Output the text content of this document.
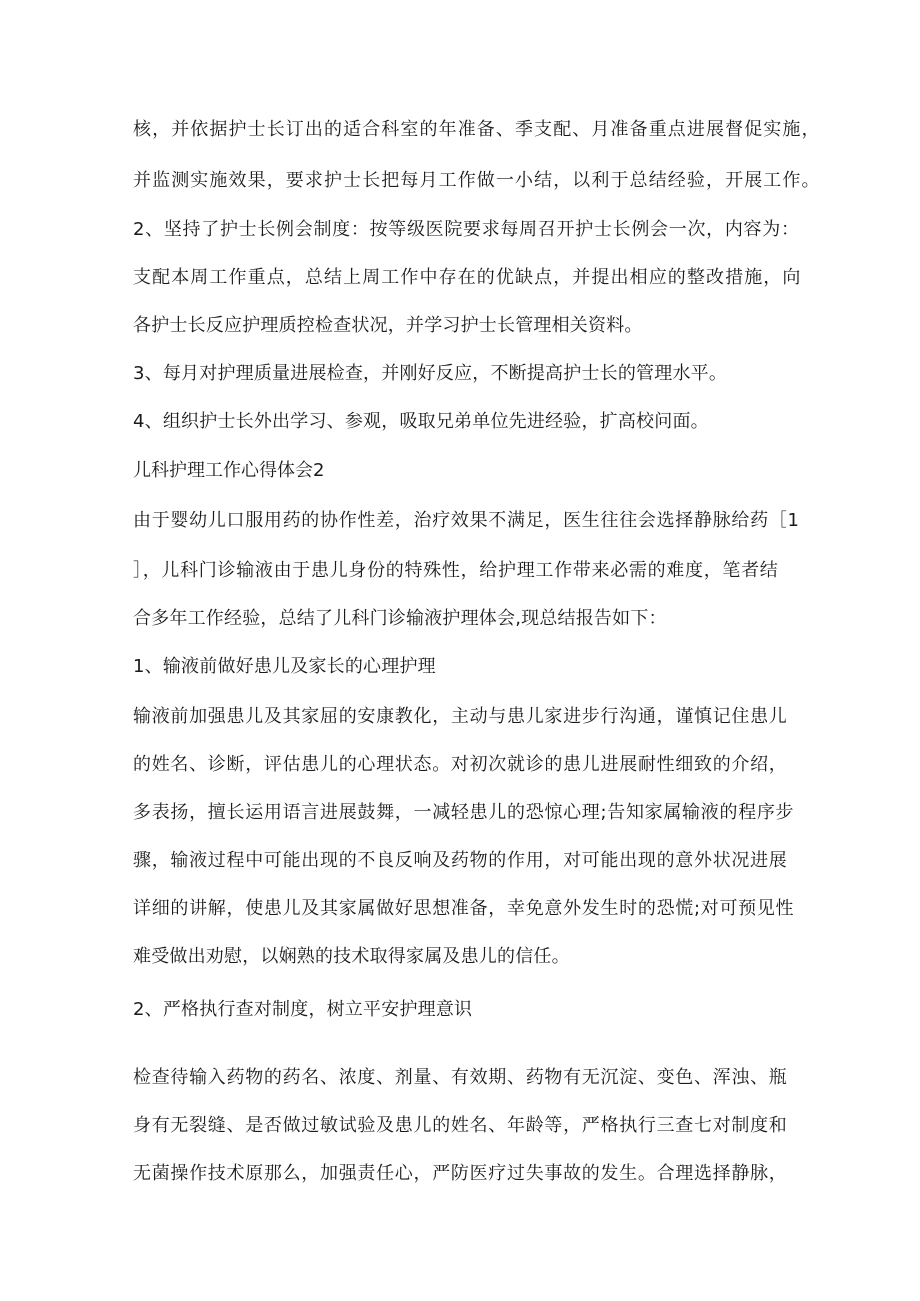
核，并依据护士长订出的适合科室的年准备、季支配、月准备重点进展督促实施，
并监测实施效果，要求护士长把每月工作做一小结，以利于总结经验，开展工作。
2、坚持了护士长例会制度：按等级医院要求每周召开护士长例会一次，内容为：
支配本周工作重点，总结上周工作中存在的优缺点，并提出相应的整改措施，向
各护士长反应护理质控检查状况，并学习护士长管理相关资料。
3、每月对护理质量进展检查，并刚好反应，不断提高护士长的管理水平。
4、组织护士长外出学习、参观，吸取兄弟单位先进经验，扩高校问面。
儿科护理工作心得体会2
由于婴幼儿口服用药的协作性差，治疗效果不满足，医生往往会选择静脉给药［1
］，儿科门诊输液由于患儿身份的特殊性，给护理工作带来必需的难度，笔者结
合多年工作经验，总结了儿科门诊输液护理体会,现总结报告如下：
1、输液前做好患儿及家长的心理护理
输液前加强患儿及其家屈的安康教化，主动与患儿家进步行沟通，谨慎记住患儿
的姓名、诊断，评估患儿的心理状态。对初次就诊的患儿进展耐性细致的介绍，
多表扬，擅长运用语言进展鼓舞，一减轻患儿的恐惊心理;告知家属输液的程序步
骤，输液过程中可能出现的不良反响及药物的作用，对可能出现的意外状况进展
详细的讲解，使患儿及其家属做好思想准备，幸免意外发生时的恐慌;对可预见性
难受做出劝慰，以娴熟的技术取得家属及患儿的信任。
2、严格执行查对制度，树立平安护理意识
检查待输入药物的药名、浓度、剂量、有效期、药物有无沉淀、变色、浑浊、瓶
身有无裂缝、是否做过敏试验及患儿的姓名、年龄等，严格执行三查七对制度和
无菌操作技术原那么，加强责任心，严防医疗过失事故的发生。合理选择静脉，
